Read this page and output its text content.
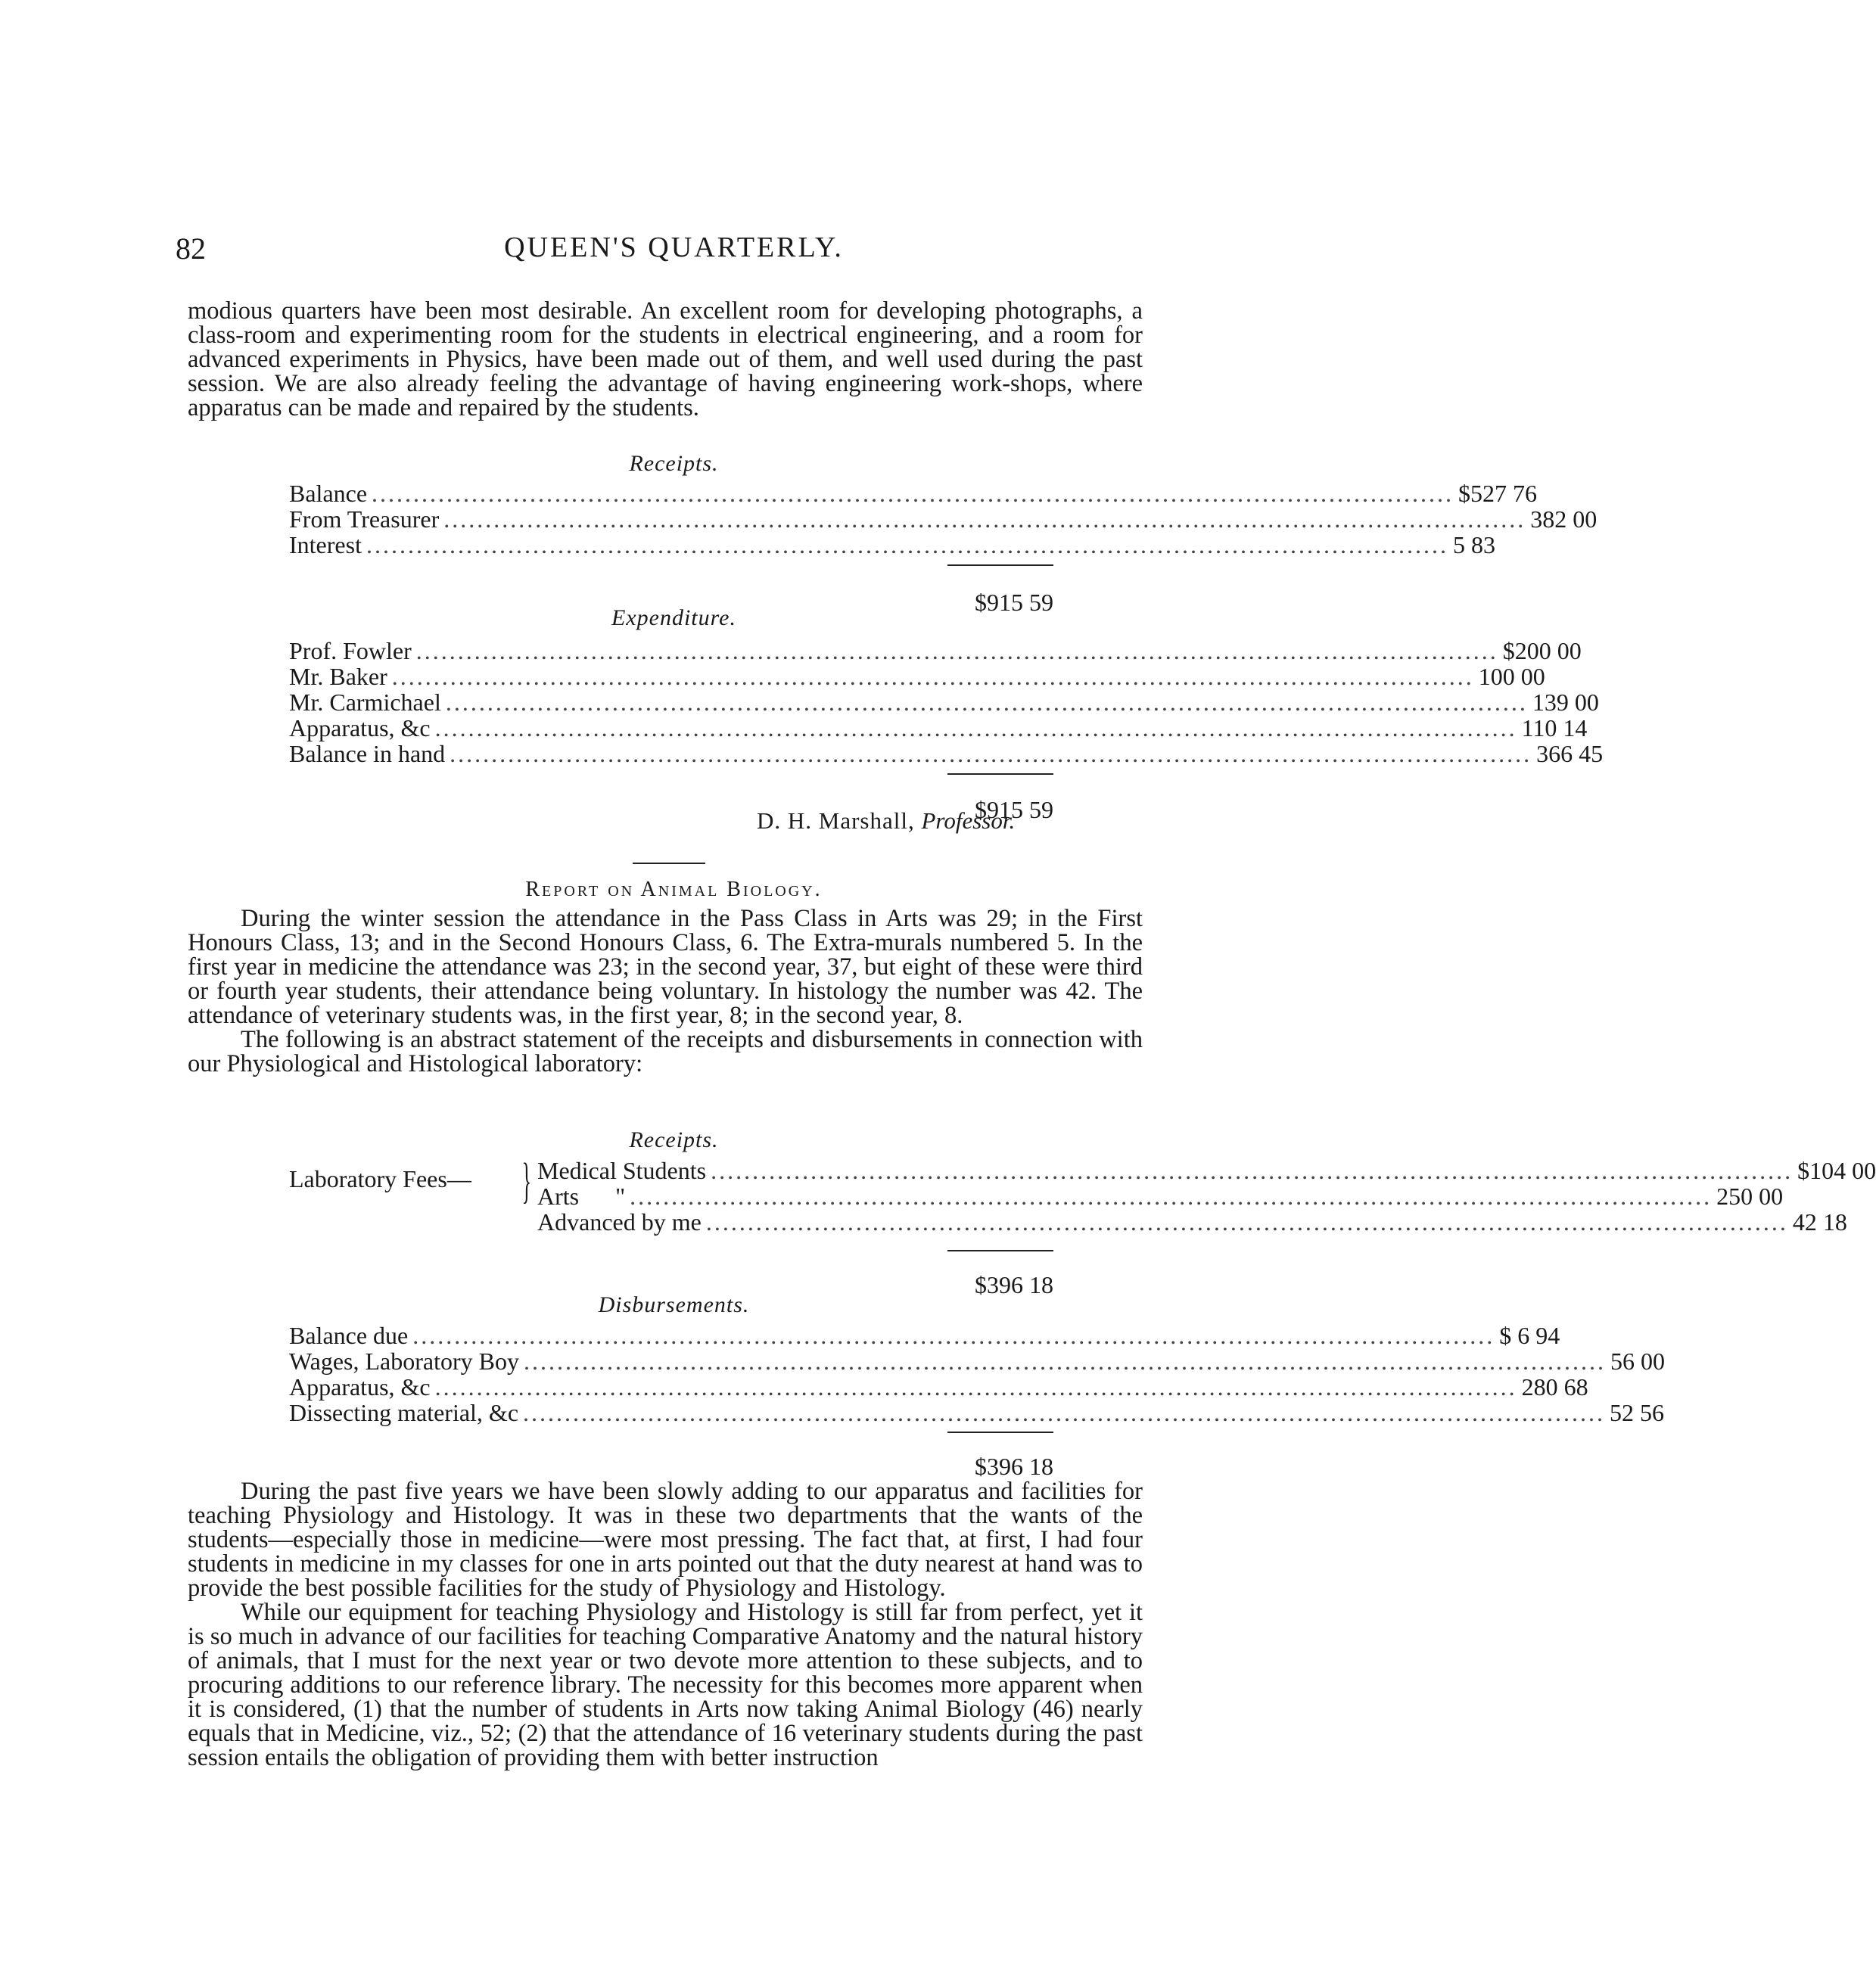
82	QUEEN'S QUARTERLY.

modious quarters have been most desirable. An excellent room for developing photographs, a class-room and experimenting room for the students in electrical engineering, and a room for advanced experiments in Physics, have been made out of them, and well used during the past session. We are also already feeling the advantage of having engineering work-shops, where apparatus can be made and repaired by the students.

Receipts.
Balance .................................................................................................................................. $527 76
From Treasurer .................................................................................................................................. 382 00
Interest .................................................................................................................................. 5 83
$915 59
Expenditure.
Prof. Fowler .................................................................................................................................. $200 00
Mr. Baker .................................................................................................................................. 100 00
Mr. Carmichael .................................................................................................................................. 139 00
Apparatus, &c .................................................................................................................................. 110 14
Balance in hand .................................................................................................................................. 366 45
$915 59
D. H. Marshall, Professor.
Report on Animal Biology.

During the winter session the attendance in the Pass Class in Arts was 29; in the First Honours Class, 13; and in the Second Honours Class, 6. The Extra-murals numbered 5. In the first year in medicine the attendance was 23; in the second year, 37, but eight of these were third or fourth year students, their attendance being voluntary. In histology the number was 42. The attendance of veterinary students was, in the first year, 8; in the second year, 8.

The following is an abstract statement of the receipts and disbursements in connection with our Physiological and Histological laboratory:

Receipts.
Laboratory Fees— } Medical Students .................................................................................................................................. $104 00
Arts      " .................................................................................................................................. 250 00
Advanced by me .................................................................................................................................. 42 18
$396 18
Disbursements.
Balance due .................................................................................................................................. $ 6 94
Wages, Laboratory Boy .................................................................................................................................. 56 00
Apparatus, &c .................................................................................................................................. 280 68
Dissecting material, &c .................................................................................................................................. 52 56
$396 18

During the past five years we have been slowly adding to our apparatus and facilities for teaching Physiology and Histology. It was in these two departments that the wants of the students—especially those in medicine—were most pressing. The fact that, at first, I had four students in medicine in my classes for one in arts pointed out that the duty nearest at hand was to provide the best possible facilities for the study of Physiology and Histology.

While our equipment for teaching Physiology and Histology is still far from perfect, yet it is so much in advance of our facilities for teaching Comparative Anatomy and the natural history of animals, that I must for the next year or two devote more attention to these subjects, and to procuring additions to our reference library. The necessity for this becomes more apparent when it is considered, (1) that the number of students in Arts now taking Animal Biology (46) nearly equals that in Medicine, viz., 52; (2) that the attendance of 16 veterinary students during the past session entails the obligation of providing them with better instruction
